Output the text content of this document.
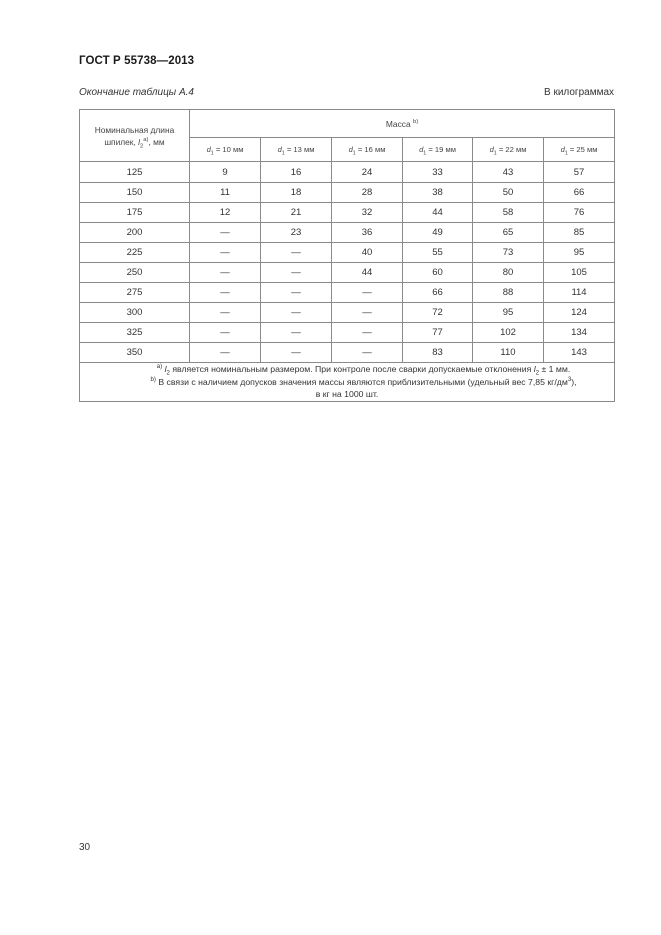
ГОСТ Р 55738—2013
Окончание таблицы А.4	В килограммах
Номинальная длина
шпилек, $l_2^{а)}$, мм	Масса $^{b)}$
	$d_1 = 10$ мм	$d_1 = 13$ мм	$d_1 = 16$ мм	$d_1 = 19$ мм	$d_1 = 22$ мм	$d_1 = 25$ мм
125	9	16	24	33	43	57
150	11	18	28	38	50	66
175	12	21	32	44	58	76
200	—	23	36	49	65	85
225	—	—	40	55	73	95
250	—	—	44	60	80	105
275	—	—	—	66	88	114
300	—	—	—	72	95	124
325	—	—	—	77	102	134
350	—	—	—	83	110	143

$^{а)}$ $l_2$ является номинальным размером. При контроле после сварки допускаемые отклонения $l_2 \pm 1$ мм.
$^{b)}$ В связи с наличием допусков значения массы являются приблизительными (удельный вес 7,85 $кг/дм^3$),
в кг на 1000 шт.						
30
